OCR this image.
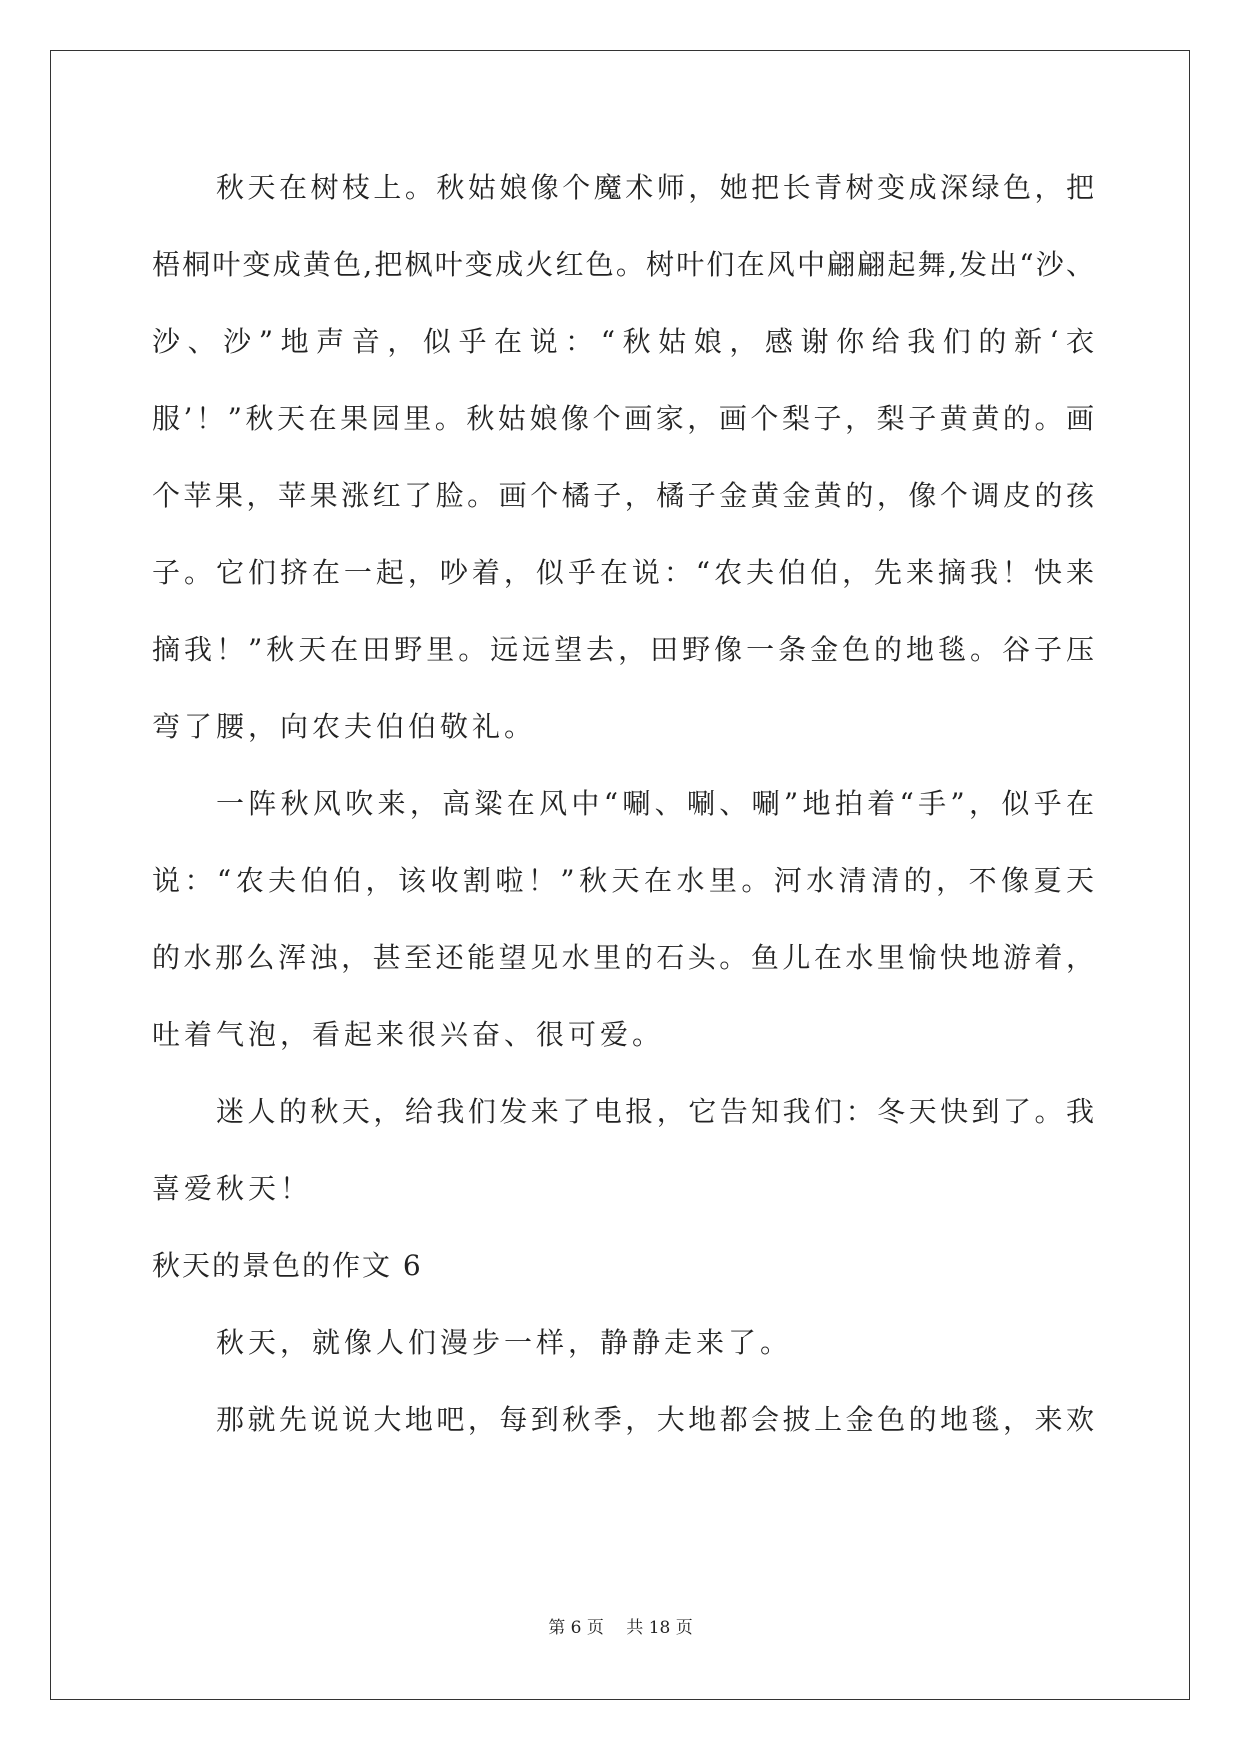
秋天在树枝上。秋姑娘像个魔术师，她把长青树变成深绿色，把
梧桐叶变成黄色,把枫叶变成火红色。树叶们在风中翩翩起舞,发出“沙、
沙、沙”地声音，似乎在说：“秋姑娘，感谢你给我们的新‘衣
服’！”秋天在果园里。秋姑娘像个画家，画个梨子，梨子黄黄的。画
个苹果，苹果涨红了脸。画个橘子，橘子金黄金黄的，像个调皮的孩
子。它们挤在一起，吵着，似乎在说：“农夫伯伯，先来摘我！快来
摘我！”秋天在田野里。远远望去，田野像一条金色的地毯。谷子压
弯了腰，向农夫伯伯敬礼。
一阵秋风吹来，高粱在风中“唰、唰、唰”地拍着“手”，似乎在
说：“农夫伯伯，该收割啦！”秋天在水里。河水清清的，不像夏天
的水那么浑浊，甚至还能望见水里的石头。鱼儿在水里愉快地游着，
吐着气泡，看起来很兴奋、很可爱。
迷人的秋天，给我们发来了电报，它告知我们：冬天快到了。我
喜爱秋天！
秋天的景色的作文 6
秋天，就像人们漫步一样，静静走来了。
那就先说说大地吧，每到秋季，大地都会披上金色的地毯，来欢
第 6 页　 共 18 页
